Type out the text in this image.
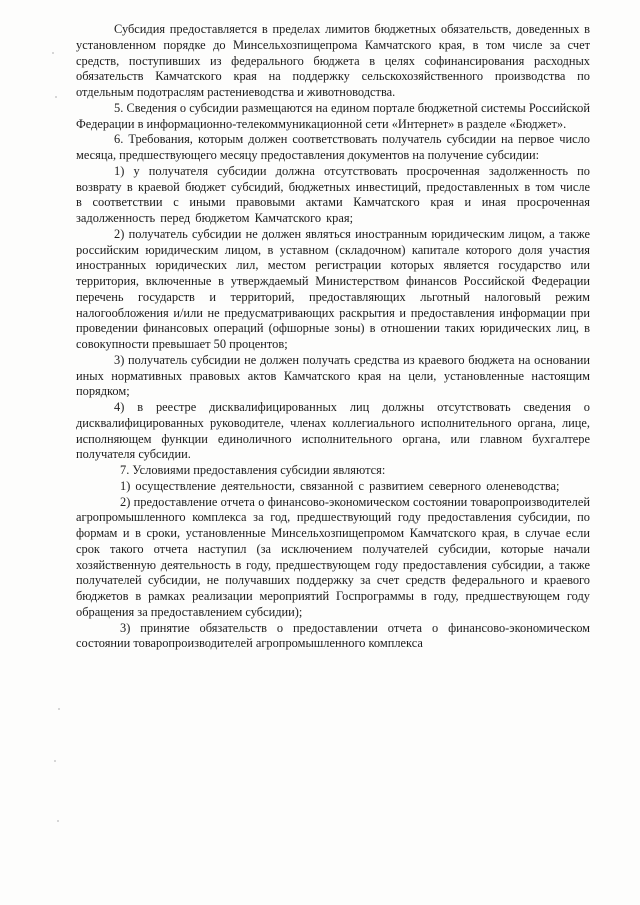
Субсидия предоставляется в пределах лимитов бюджетных обязательств, доведенных в установленном порядке до Минсельхозпищепрома Камчатского края, в том числе за счет средств, поступивших из федерального бюджета в целях софинансирования расходных обязательств Камчатского края на поддержку сельскохозяйственного производства по отдельным подотраслям растениеводства и животноводства.

5. Сведения о субсидии размещаются на едином портале бюджетной системы Российской Федерации в информационно-телекоммуникационной сети «Интернет» в разделе «Бюджет».

6. Требования, которым должен соответствовать получатель субсидии на первое число месяца, предшествующего месяцу предоставления документов на получение субсидии:

1) у получателя субсидии должна отсутствовать просроченная задолженность по возврату в краевой бюджет субсидий, бюджетных инвестиций, предоставленных в том числе в соответствии с иными правовыми актами Камчатского края и иная просроченная задолженность перед бюджетом Камчатского края;

2) получатель субсидии не должен являться иностранным юридическим лицом, а также российским юридическим лицом, в уставном (складочном) капитале которого доля участия иностранных юридических лил, местом регистрации которых является государство или территория, включенные в утверждаемый Министерством финансов Российской Федерации перечень государств и территорий, предоставляющих льготный налоговый режим налогообложения и/или не предусматривающих раскрытия и предоставления информации при проведении финансовых операций (офшорные зоны) в отношении таких юридических лиц, в совокупности превышает 50 процентов;

3) получатель субсидии не должен получать средства из краевого бюджета на основании иных нормативных правовых актов Камчатского края на цели, установленные настоящим порядком;

4) в реестре дисквалифицированных лиц должны отсутствовать сведения о дисквалифицированных руководителе, членах коллегиального исполнительного органа, лице, исполняющем функции единоличного исполнительного органа, или главном бухгалтере получателя субсидии.

7. Условиями предоставления субсидии являются:

1) осуществление деятельности, связанной с развитием северного оленеводства;

2) предоставление отчета о финансово-экономическом состоянии товаропроизводителей агропромышленного комплекса за год, предшествующий году предоставления субсидии, по формам и в сроки, установленные Минсельхозпищепромом Камчатского края, в случае если срок такого отчета наступил (за исключением получателей субсидии, которые начали хозяйственную деятельность в году, предшествующем году предоставления субсидии, а также получателей субсидии, не получавших поддержку за счет средств федерального и краевого бюджетов в рамках реализации мероприятий Госпрограммы в году, предшествующем году обращения за предоставлением субсидии);

3) принятие обязательств о предоставлении отчета о финансово-экономическом состоянии товаропроизводителей агропромышленного комплекса
